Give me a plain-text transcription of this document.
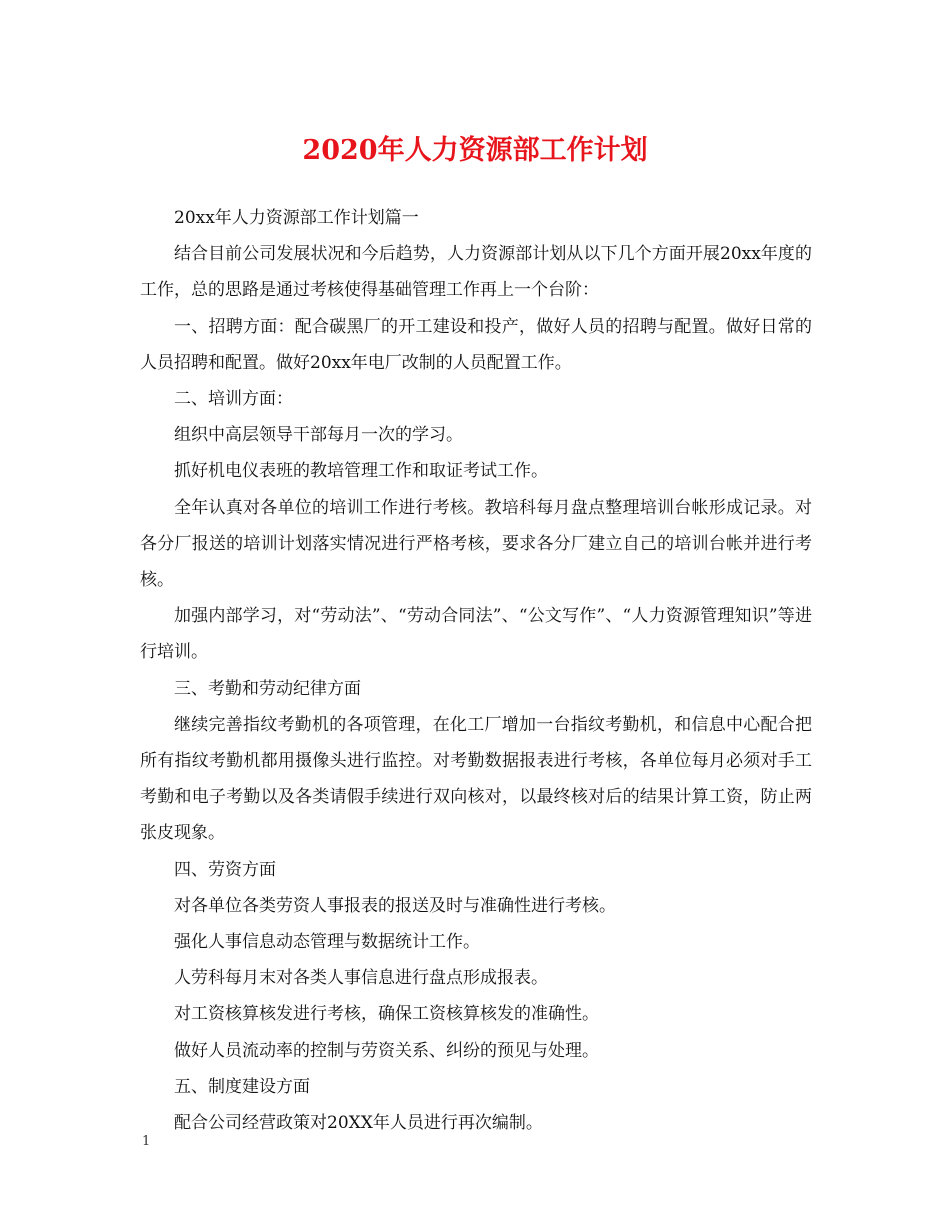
2020年人力资源部工作计划

20xx年人力资源部工作计划篇一

结合目前公司发展状况和今后趋势，人力资源部计划从以下几个方面开展20xx年度的工作，总的思路是通过考核使得基础管理工作再上一个台阶：

一、招聘方面：配合碳黑厂的开工建设和投产，做好人员的招聘与配置。做好日常的人员招聘和配置。做好20xx年电厂改制的人员配置工作。

二、培训方面：

组织中高层领导干部每月一次的学习。

抓好机电仪表班的教培管理工作和取证考试工作。

全年认真对各单位的培训工作进行考核。教培科每月盘点整理培训台帐形成记录。对各分厂报送的培训计划落实情况进行严格考核，要求各分厂建立自己的培训台帐并进行考核。

加强内部学习，对“劳动法”、“劳动合同法”、“公文写作”、“人力资源管理知识”等进行培训。

三、考勤和劳动纪律方面

继续完善指纹考勤机的各项管理，在化工厂增加一台指纹考勤机，和信息中心配合把所有指纹考勤机都用摄像头进行监控。对考勤数据报表进行考核，各单位每月必须对手工考勤和电子考勤以及各类请假手续进行双向核对，以最终核对后的结果计算工资，防止两张皮现象。

四、劳资方面

对各单位各类劳资人事报表的报送及时与准确性进行考核。

强化人事信息动态管理与数据统计工作。

人劳科每月末对各类人事信息进行盘点形成报表。

对工资核算核发进行考核，确保工资核算核发的准确性。

做好人员流动率的控制与劳资关系、纠纷的预见与处理。

五、制度建设方面

配合公司经营政策对20XX年人员进行再次编制。

1
